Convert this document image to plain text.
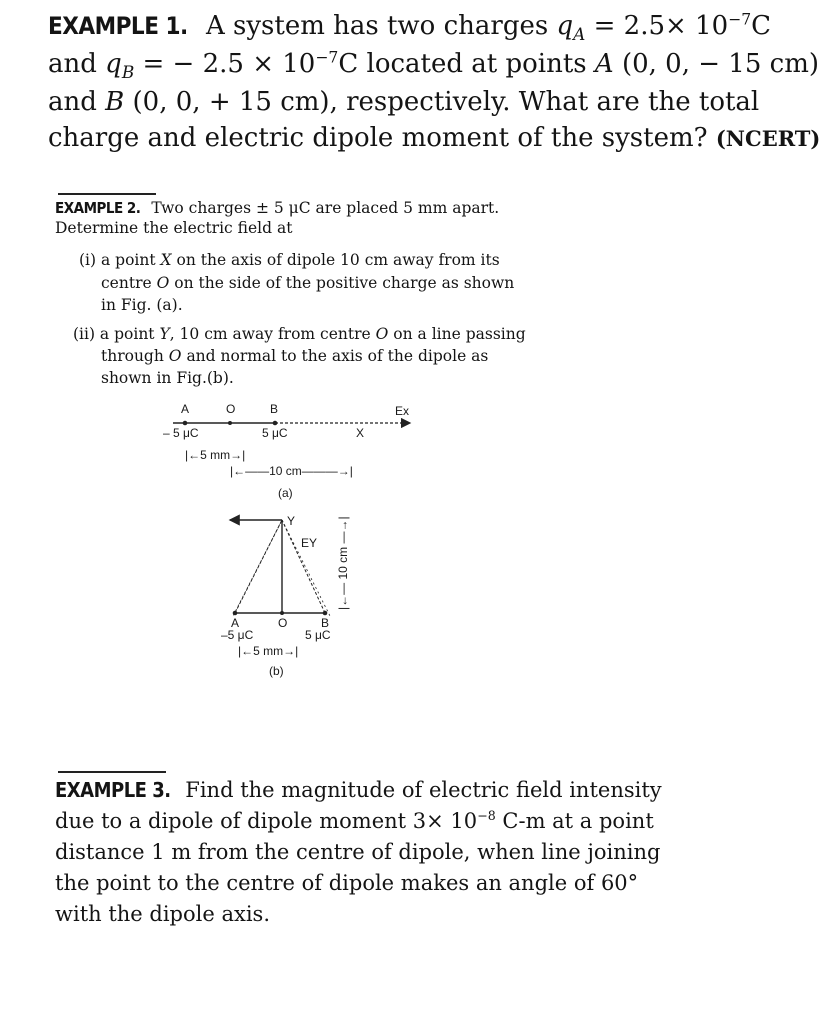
EXAMPLE 1. A system has two charges $q_A = 2.5\times 10^{-7}C$
and $q_B$ = − $2.5 \times 10^{-7}C$ located at points A (0, 0, − 15 cm)
and B (0, 0, + 15 cm), respectively. What are the total
charge and electric dipole moment of the system? (NCERT)
EXAMPLE 2. Two charges ± 5 μC are placed 5 mm apart.
Determine the electric field at
(i) a point X on the axis of dipole 10 cm away from its
centre O on the side of the positive charge as shown
in Fig. (a).
(ii) a point Y, 10 cm away from centre O on a line passing
through O and normal to the axis of the dipole as
shown in Fig.(b).
A	O	B	Ex
X
– 5 μC	5 μC
|←5 mm→|
|←——10 cm———→|
(a)
Y
EY
A	O	B
–5 μC	5 μC
|←— 10 cm —→|
|←5 mm→|
(b)
EXAMPLE 3. Find the magnitude of electric field intensity
due to a dipole of dipole moment $3\times 10^{-8}$ C-m at a point
distance 1 m from the centre of dipole, when line joining
the point to the centre of dipole makes an angle of 60°
with the dipole axis.
